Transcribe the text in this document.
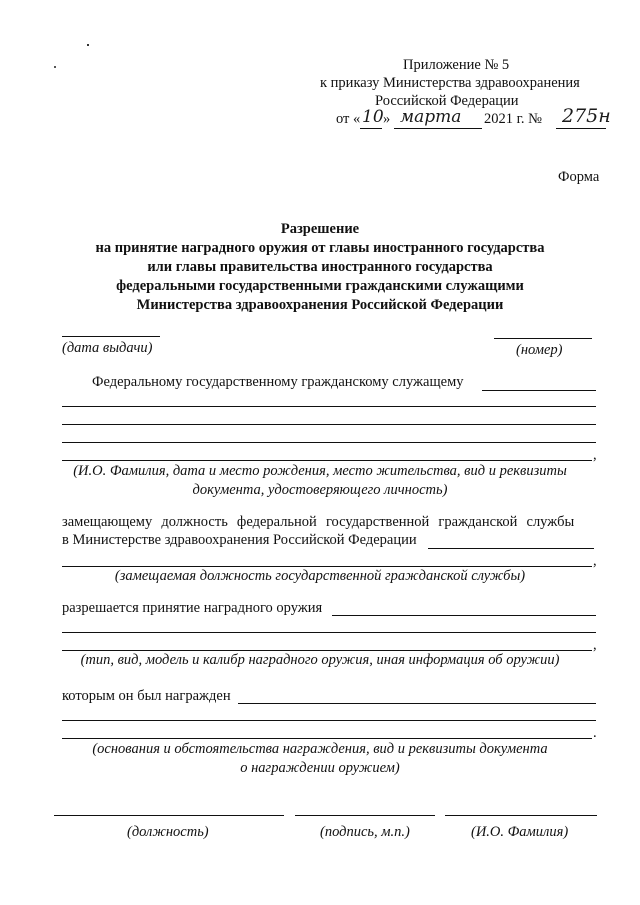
Приложение № 5
к приказу Министерства здравоохранения
Российской Федерации
от « 10 » марта 2021 г. № 275н
Форма
Разрешение
на принятие наградного оружия от главы иностранного государства
или главы правительства иностранного государства
федеральными государственными гражданскими служащими
Министерства здравоохранения Российской Федерации
(дата выдачи)	(номер)
Федеральному государственному гражданскому служащему
,
(И.О. Фамилия, дата и место рождения, место жительства, вид и реквизиты
документа, удостоверяющего личность)
замещающему должность федеральной государственной гражданской службы
в Министерстве здравоохранения Российской Федерации
,
(замещаемая должность государственной гражданской службы)
разрешается принятие наградного оружия
,
(тип, вид, модель и калибр наградного оружия, иная информация об оружии)
которым он был награжден
.
(основания и обстоятельства награждения, вид и реквизиты документа
о награждении оружием)
(должность)	(подпись, м.п.)	(И.О. Фамилия)
